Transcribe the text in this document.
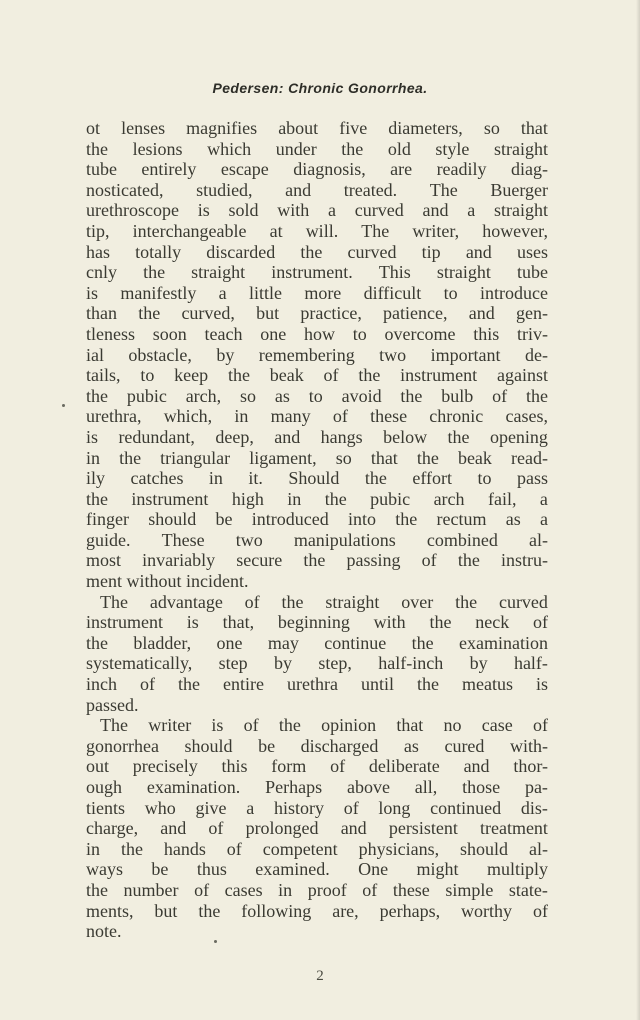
Pedersen: Chronic Gonorrhea.
ot lenses magnifies about five diameters, so that
the lesions which under the old style straight
tube entirely escape diagnosis, are readily diag-
nosticated, studied, and treated. The Buerger
urethroscope is sold with a curved and a straight
tip, interchangeable at will. The writer, however,
has totally discarded the curved tip and uses
cnly the straight instrument. This straight tube
is manifestly a little more difficult to introduce
than the curved, but practice, patience, and gen-
tleness soon teach one how to overcome this triv-
ial obstacle, by remembering two important de-
tails, to keep the beak of the instrument against
the pubic arch, so as to avoid the bulb of the
urethra, which, in many of these chronic cases,
is redundant, deep, and hangs below the opening
in the triangular ligament, so that the beak read-
ily catches in it. Should the effort to pass
the instrument high in the pubic arch fail, a
finger should be introduced into the rectum as a
guide. These two manipulations combined al-
most invariably secure the passing of the instru-
ment without incident.
The advantage of the straight over the curved
instrument is that, beginning with the neck of
the bladder, one may continue the examination
systematically, step by step, half-inch by half-
inch of the entire urethra until the meatus is
passed.
The writer is of the opinion that no case of
gonorrhea should be discharged as cured with-
out precisely this form of deliberate and thor-
ough examination. Perhaps above all, those pa-
tients who give a history of long continued dis-
charge, and of prolonged and persistent treatment
in the hands of competent physicians, should al-
ways be thus examined. One might multiply
the number of cases in proof of these simple state-
ments, but the following are, perhaps, worthy of
note.
2
